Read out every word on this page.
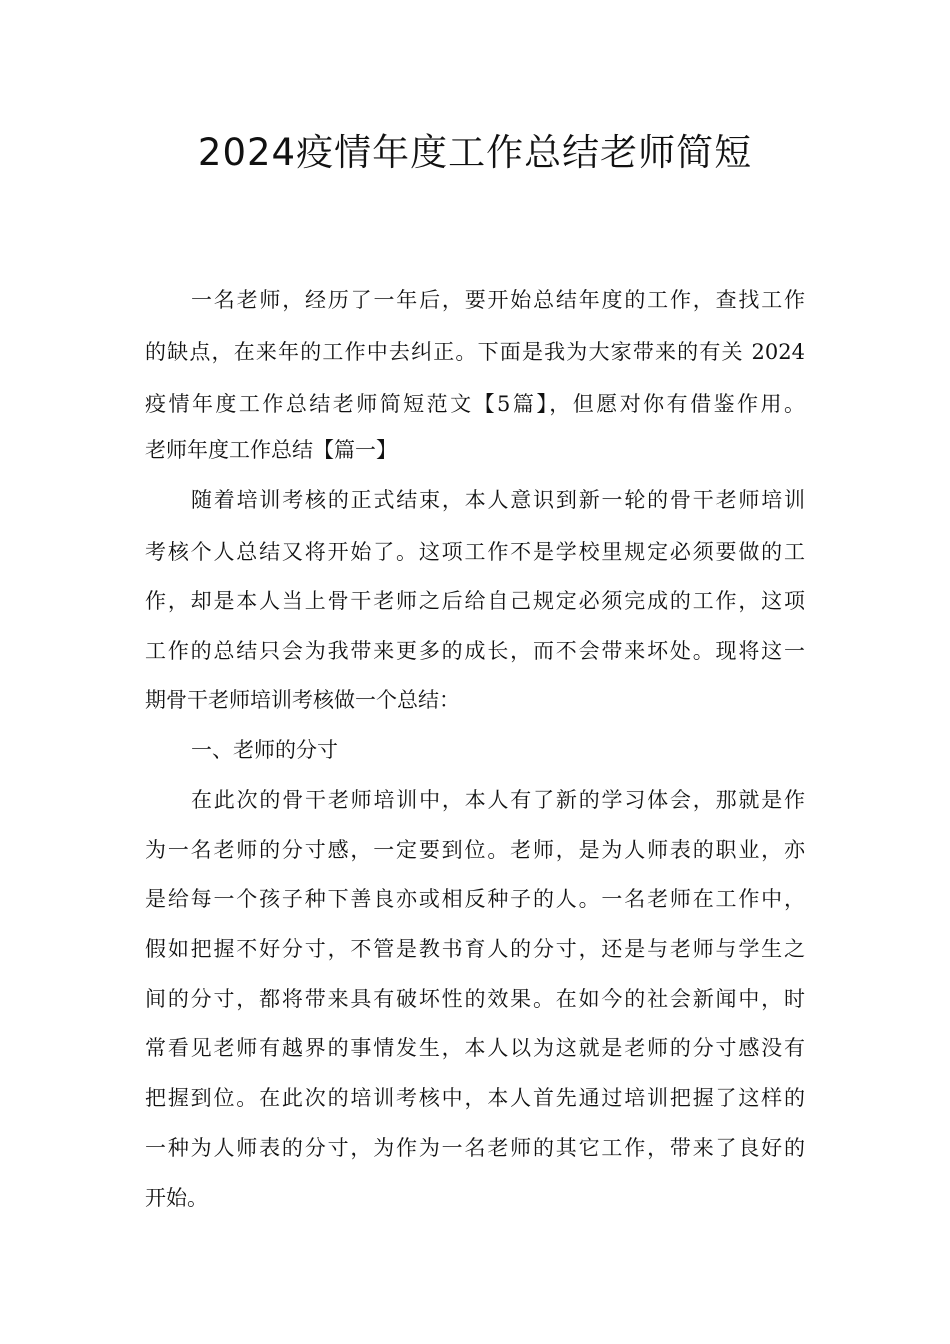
2024疫情年度工作总结老师简短
一名老师，经历了一年后，要开始总结年度的工作，查找工作
的缺点，在来年的工作中去纠正。下面是我为大家带来的有关 2024
疫情年度工作总结老师简短范文【5篇】，但愿对你有借鉴作用。
老师年度工作总结【篇一】
随着培训考核的正式结束，本人意识到新一轮的骨干老师培训
考核个人总结又将开始了。这项工作不是学校里规定必须要做的工
作，却是本人当上骨干老师之后给自己规定必须完成的工作，这项
工作的总结只会为我带来更多的成长，而不会带来坏处。现将这一
期骨干老师培训考核做一个总结：
一、老师的分寸
在此次的骨干老师培训中，本人有了新的学习体会，那就是作
为一名老师的分寸感，一定要到位。老师，是为人师表的职业，亦
是给每一个孩子种下善良亦或相反种子的人。一名老师在工作中，
假如把握不好分寸，不管是教书育人的分寸，还是与老师与学生之
间的分寸，都将带来具有破坏性的效果。在如今的社会新闻中，时
常看见老师有越界的事情发生，本人以为这就是老师的分寸感没有
把握到位。在此次的培训考核中，本人首先通过培训把握了这样的
一种为人师表的分寸，为作为一名老师的其它工作，带来了良好的
开始。
